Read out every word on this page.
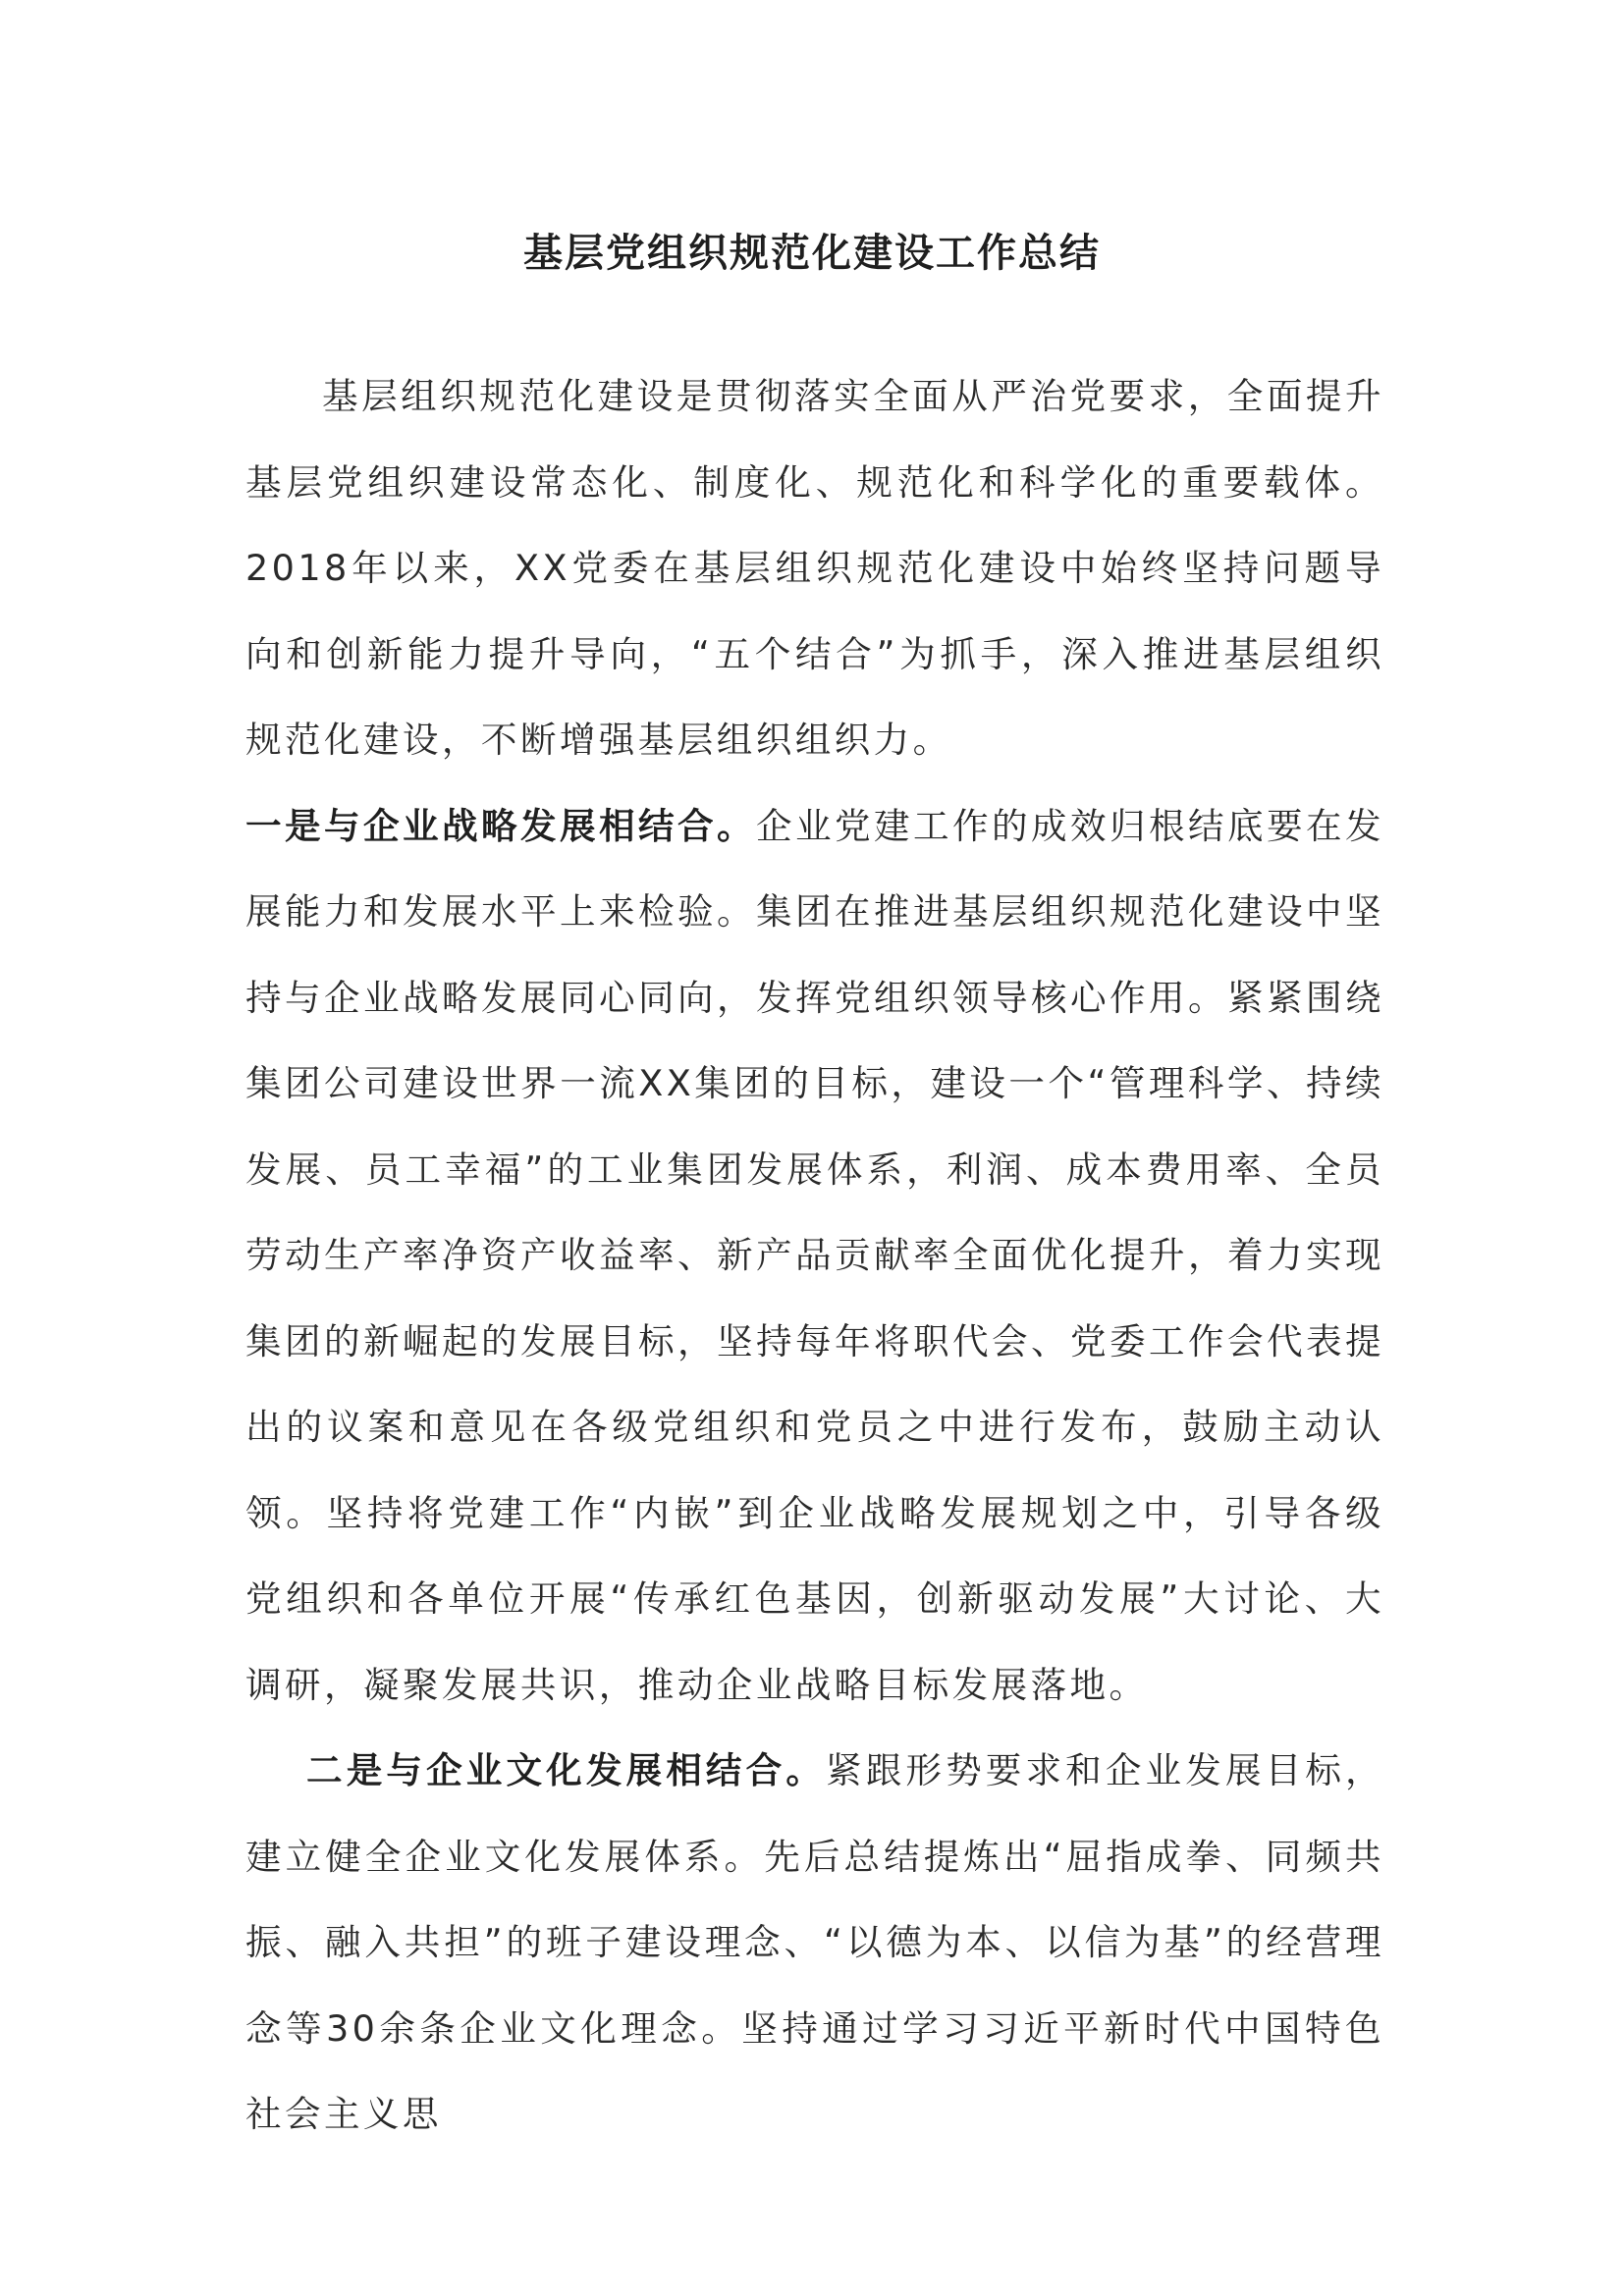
基层党组织规范化建设工作总结

基层组织规范化建设是贯彻落实全面从严治党要求，全面提升基层党组织建设常态化、制度化、规范化和科学化的重要载体。2018年以来，XX党委在基层组织规范化建设中始终坚持问题导向和创新能力提升导向，“五个结合”为抓手，深入推进基层组织规范化建设，不断增强基层组织组织力。

一是与企业战略发展相结合。企业党建工作的成效归根结底要在发展能力和发展水平上来检验。集团在推进基层组织规范化建设中坚持与企业战略发展同心同向，发挥党组织领导核心作用。紧紧围绕集团公司建设世界一流XX集团的目标，建设一个“管理科学、持续发展、员工幸福”的工业集团发展体系，利润、成本费用率、全员劳动生产率净资产收益率、新产品贡献率全面优化提升，着力实现集团的新崛起的发展目标，坚持每年将职代会、党委工作会代表提出的议案和意见在各级党组织和党员之中进行发布，鼓励主动认领。坚持将党建工作“内嵌”到企业战略发展规划之中，引导各级党组织和各单位开展“传承红色基因，创新驱动发展”大讨论、大调研，凝聚发展共识，推动企业战略目标发展落地。

二是与企业文化发展相结合。紧跟形势要求和企业发展目标，建立健全企业文化发展体系。先后总结提炼出“屈指成拳、同频共振、融入共担”的班子建设理念、“以德为本、以信为基”的经营理念等30余条企业文化理念。坚持通过学习习近平新时代中国特色社会主义思
